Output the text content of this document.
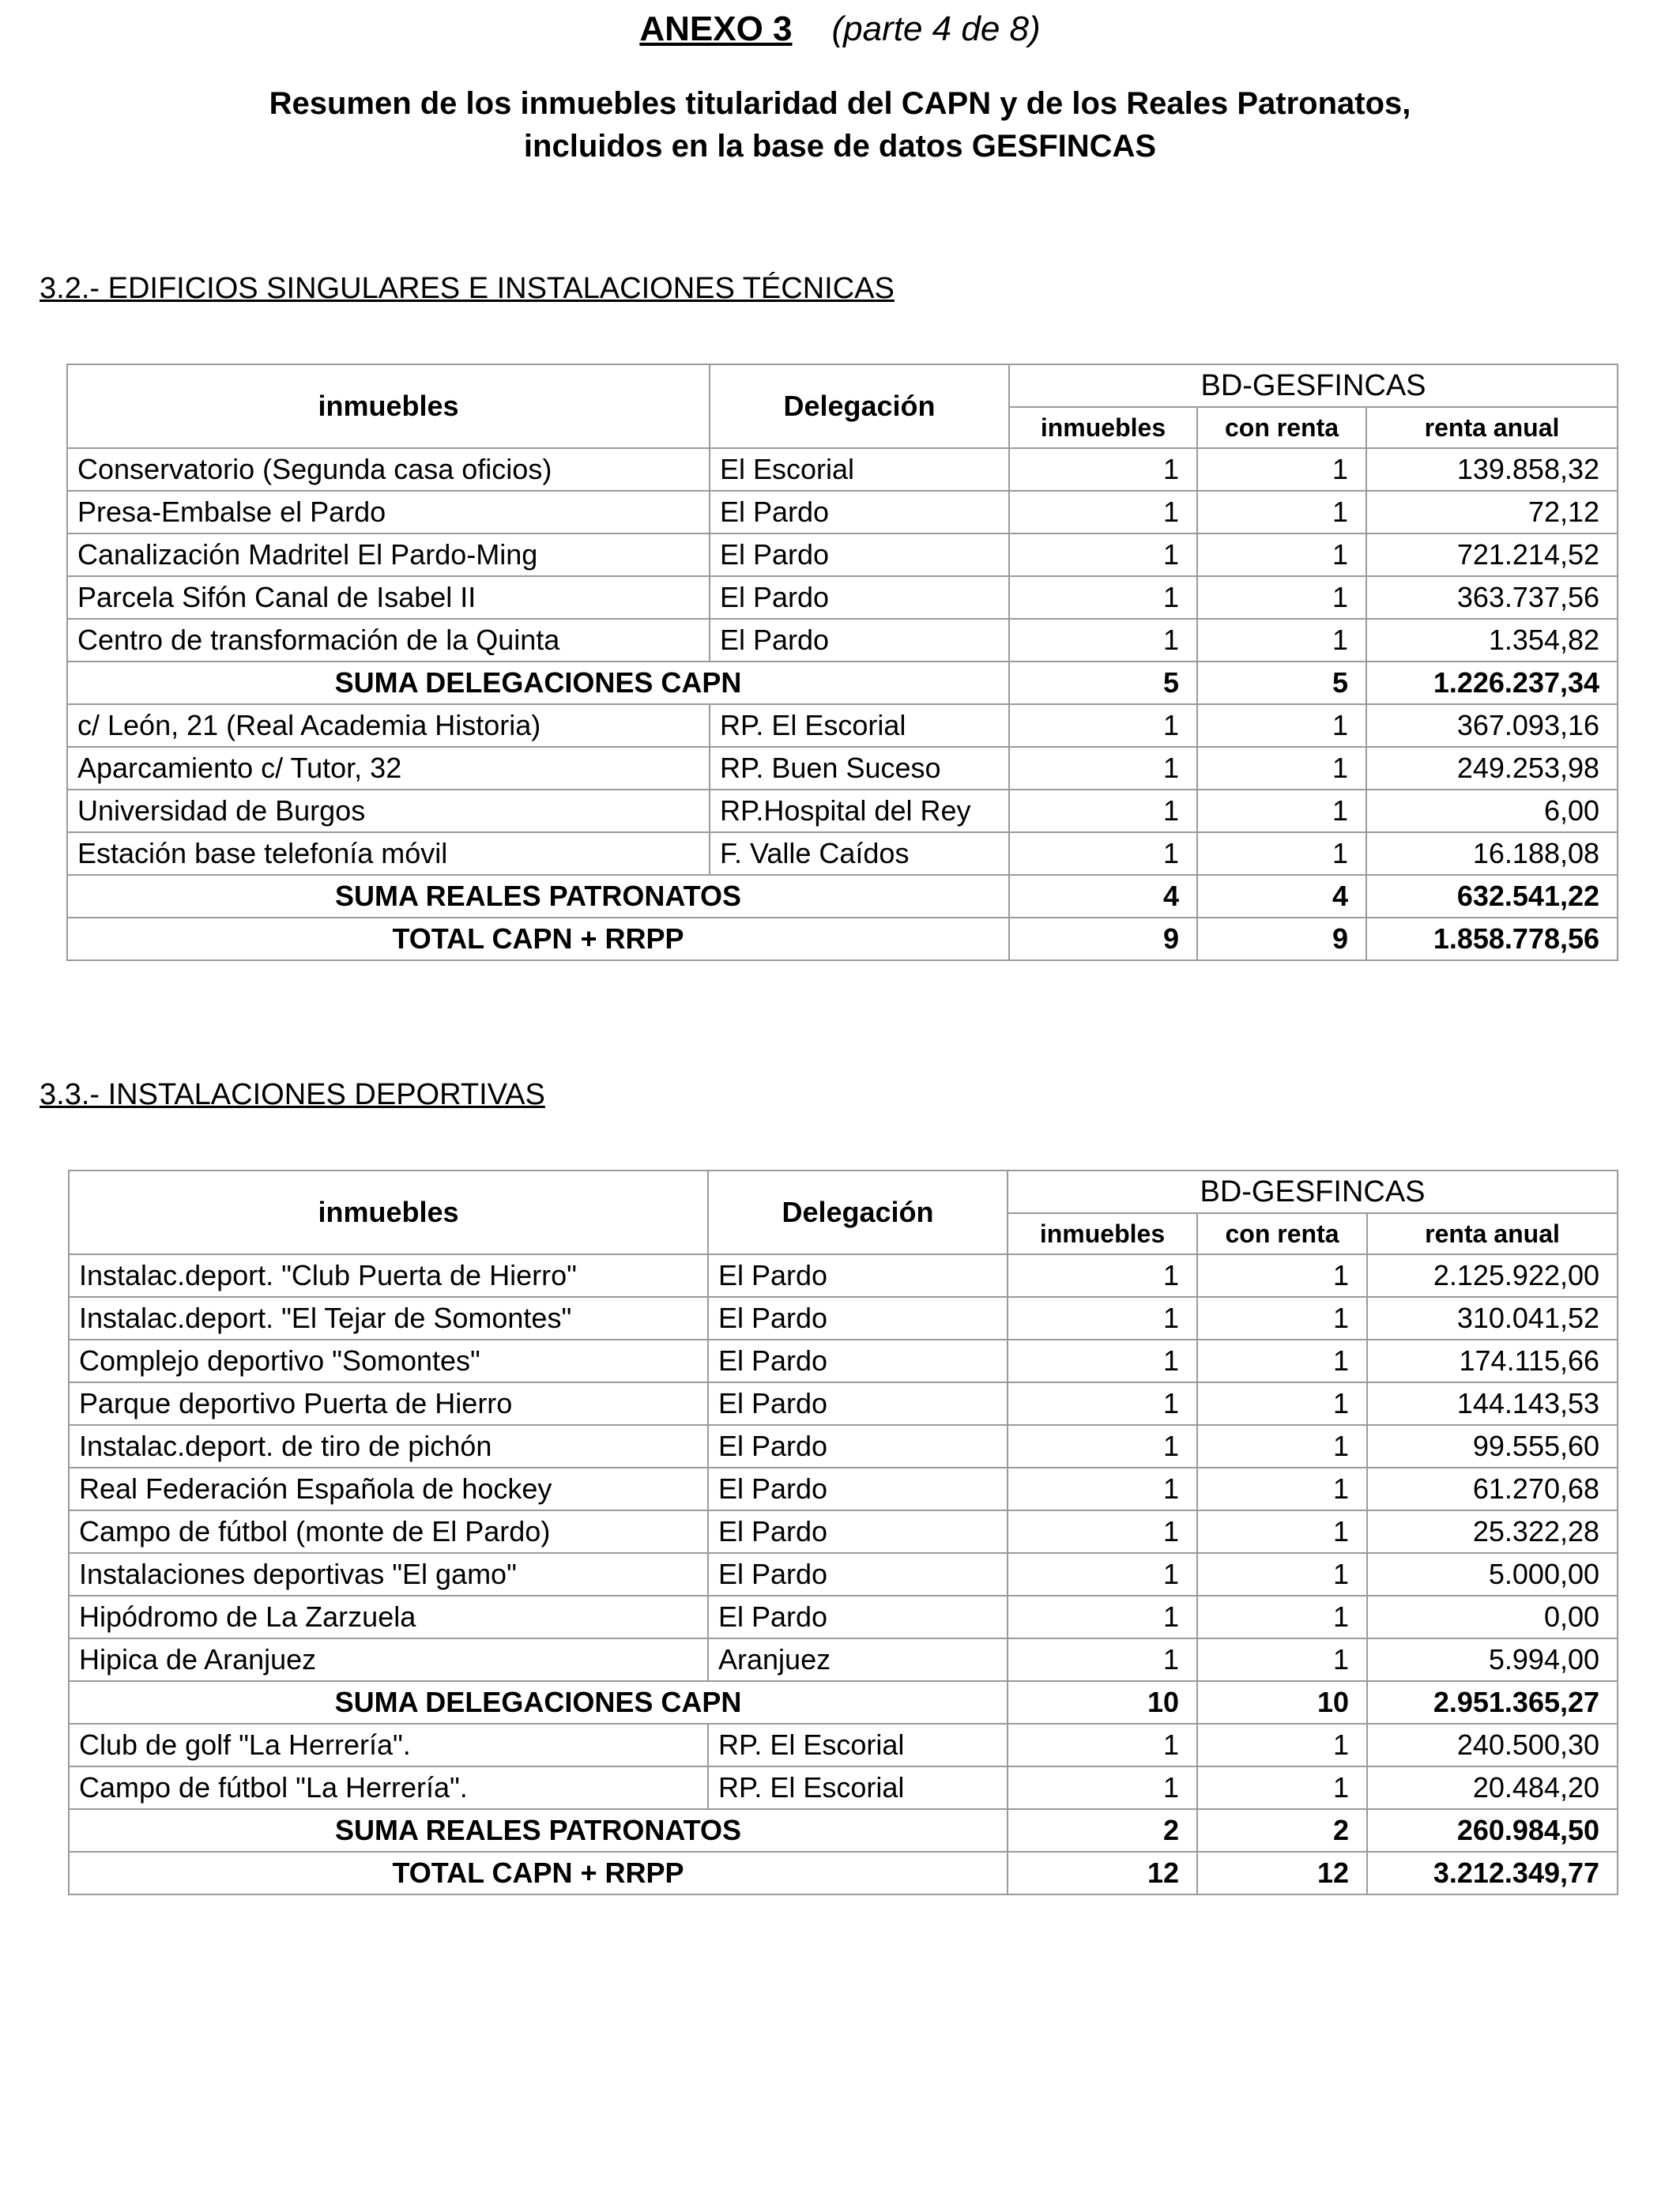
ANEXO 3 (parte 4 de 8)
Resumen de los inmuebles titularidad del CAPN y de los Reales Patronatos,
incluidos en la base de datos GESFINCAS
3.2.- EDIFICIOS SINGULARES E INSTALACIONES TÉCNICAS
inmuebles	Delegación	BD-GESFINCAS		
		inmuebles	con renta	renta anual
Conservatorio (Segunda casa oficios)	El Escorial	1	1	139.858,32
Presa-Embalse el Pardo	El Pardo	1	1	72,12
Canalización Madritel El Pardo-Ming	El Pardo	1	1	721.214,52
Parcela Sifón Canal de Isabel II	El Pardo	1	1	363.737,56
Centro de transformación de la Quinta	El Pardo	1	1	1.354,82
SUMA DELEGACIONES CAPN		5	5	1.226.237,34
c/ León, 21 (Real Academia Historia)	RP. El Escorial	1	1	367.093,16
Aparcamiento c/ Tutor, 32	RP. Buen Suceso	1	1	249.253,98
Universidad de Burgos	RP.Hospital del Rey	1	1	6,00
Estación base telefonía móvil	F. Valle Caídos	1	1	16.188,08
SUMA REALES PATRONATOS		4	4	632.541,22
TOTAL CAPN + RRPP		9	9	1.858.778,56
3.3.- INSTALACIONES DEPORTIVAS
inmuebles	Delegación	BD-GESFINCAS		
		inmuebles	con renta	renta anual
Instalac.deport. "Club Puerta de Hierro"	El Pardo	1	1	2.125.922,00
Instalac.deport. "El Tejar de Somontes"	El Pardo	1	1	310.041,52
Complejo deportivo "Somontes"	El Pardo	1	1	174.115,66
Parque deportivo Puerta de Hierro	El Pardo	1	1	144.143,53
Instalac.deport. de tiro de pichón	El Pardo	1	1	99.555,60
Real Federación Española de hockey	El Pardo	1	1	61.270,68
Campo de fútbol (monte de El Pardo)	El Pardo	1	1	25.322,28
Instalaciones deportivas "El gamo"	El Pardo	1	1	5.000,00
Hipódromo de La Zarzuela	El Pardo	1	1	0,00
Hipica de Aranjuez	Aranjuez	1	1	5.994,00
SUMA DELEGACIONES CAPN		10	10	2.951.365,27
Club de golf "La Herrería".	RP. El Escorial	1	1	240.500,30
Campo de fútbol "La Herrería".	RP. El Escorial	1	1	20.484,20
SUMA REALES PATRONATOS		2	2	260.984,50
TOTAL CAPN + RRPP		12	12	3.212.349,77
